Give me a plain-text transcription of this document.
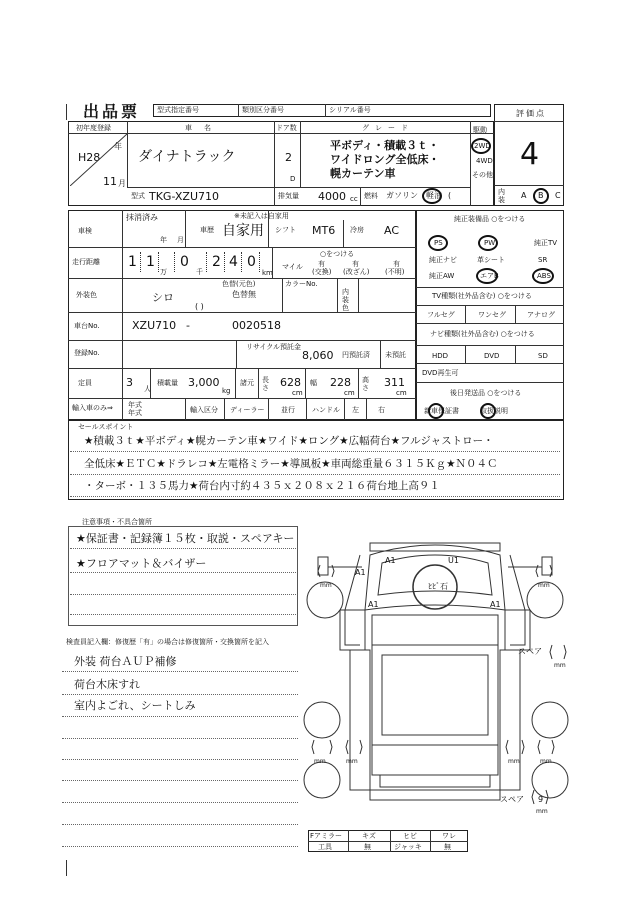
出品票 型式指定番号	類別区分番号	シリアル番号
初年度登録
H28
年
11 月
車名
ダイナトラック
ドア数
2
D
グレード
平ボディ・積載３ｔ・
ワイドロング全低床・
幌カーテン車
駆動
2WD
4WD
その他
型式 TKG-XZU710	排気量 4000 cc 燃料 ガソリン 軽油 (
評価点
4
内装	A B C
車検
抹消済み
年 月
車歴
※未記入は自家用
自家用 シフト MT6 冷房 AC
走行距離 1 1
万
0
千
2 4 0
km
マイル
○をつける
有
(交換)
有
(改ざん)
有
(不明)
外装色	シロ
色替(元色)
色替無
( )
カラーNo.
内装色
車台No.	XZU710 -	0020518
登録No.
リサイクル預託金
8,060 円預託済 未預託
定員	3 人
積載量 3,000
kg
諸元 長さ 628
cm
幅 228
cm
高さ 311
cm
輸入車のみ⇒ 年式
年式	輸入区分 ディーラー 並行 ハンドル 左	右
純正装備品 ○をつける
PS	PW	純正TV
純正ナビ	革シート	SR
純正AW	エアB	ABS
TV種類(社外品含む) ○をつける
フルセグ	ワンセグ	アナログ
ナビ種類(社外品含む) ○をつける
HDD	DVD	SD
DVD再生可
後日発送品 ○をつける
新車保証書	取扱説明
セールスポイント
★積載３ｔ★平ボディ★幌カーテン車★ワイド★ロング★広幅荷台★フルジャストロー・
全低床★ＥＴＣ★ドラレコ★左電格ミラー★導風板★車両総重量６３１５Ｋｇ★Ｎ０４Ｃ
・ターボ・１３５馬力★荷台内寸約４３５ｘ２０８ｘ２１６荷台地上高９１
注意事項・不具合箇所
★保証書・記録簿１５枚・取説・スペアキー
★フロアマット＆バイザー
検査員記入欄：修復歴「有」の場合は修復箇所・交換箇所を記入
外装 荷台ＡＵＰ補修
荷台木床すれ
室内よごれ、シートしみ
A1	U1
A1
ﾋﾋﾞ石
A1	A1
スペア
スペア 9
mm	mm
mm	mm	mm	mm
mm
mm
Fアミラー	キズ	ヒビ	ワレ
工具	無	ジャッキ	無
